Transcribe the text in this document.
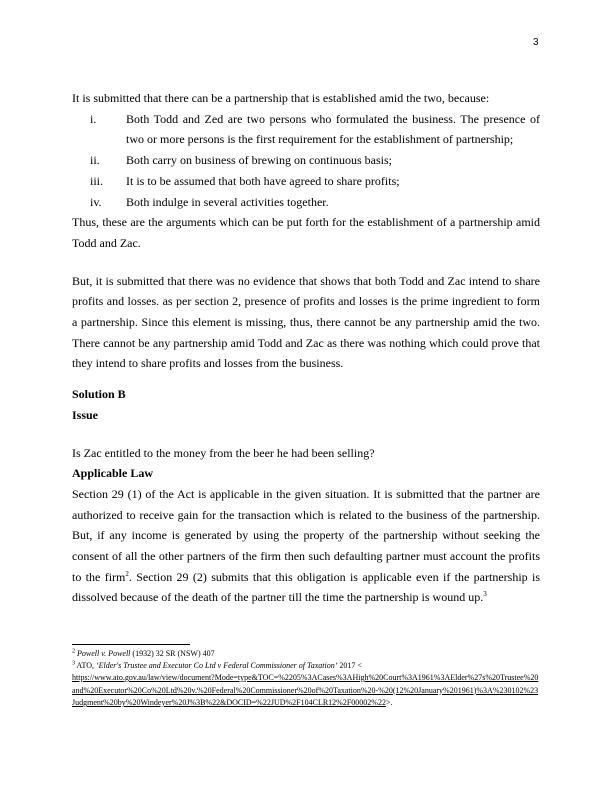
3

It is submitted that there can be a partnership that is established amid the two, because:

i. Both Todd and Zed are two persons who formulated the business. The presence of two or more persons is the first requirement for the establishment of partnership;
ii. Both carry on business of brewing on continuous basis;
iii. It is to be assumed that both have agreed to share profits;
iv. Both indulge in several activities together.

Thus, these are the arguments which can be put forth for the establishment of a partnership amid Todd and Zac.

But, it is submitted that there was no evidence that shows that both Todd and Zac intend to share profits and losses. as per section 2, presence of profits and losses is the prime ingredient to form a partnership. Since this element is missing, thus, there cannot be any partnership amid the two. There cannot be any partnership amid Todd and Zac as there was nothing which could prove that they intend to share profits and losses from the business.

Solution B

Issue

Is Zac entitled to the money from the beer he had been selling?

Applicable Law

Section 29 (1) of the Act is applicable in the given situation. It is submitted that the partner are authorized to receive gain for the transaction which is related to the business of the partnership. But, if any income is generated by using the property of the partnership without seeking the consent of all the other partners of the firm then such defaulting partner must account the profits to the firm$^2$. Section 29 (2) submits that this obligation is applicable even if the partnership is dissolved because of the death of the partner till the time the partnership is wound up.$^3$

$^2$ Powell v. Powell (1932) 32 SR (NSW) 407

$^3$ ATO, ‘Elder's Trustee and Executor Co Ltd v Federal Commissioner of Taxation’ 2017 <

https://www.ato.gov.au/law/view/document?Mode=type&TOC=%2205%3ACases%3AHigh%20Court%3A1961%3AElder%27s%20Trustee%20and%20Executor%20Co%20Ltd%20v.%20Federal%20Commissioner%20of%20Taxation%20-%20(12%20January%201961)%3A%230102%23Judgment%20by%20Windeyer%20J%3B%22&DOCID=%22JUD%2F104CLR12%2F00002%22>.
